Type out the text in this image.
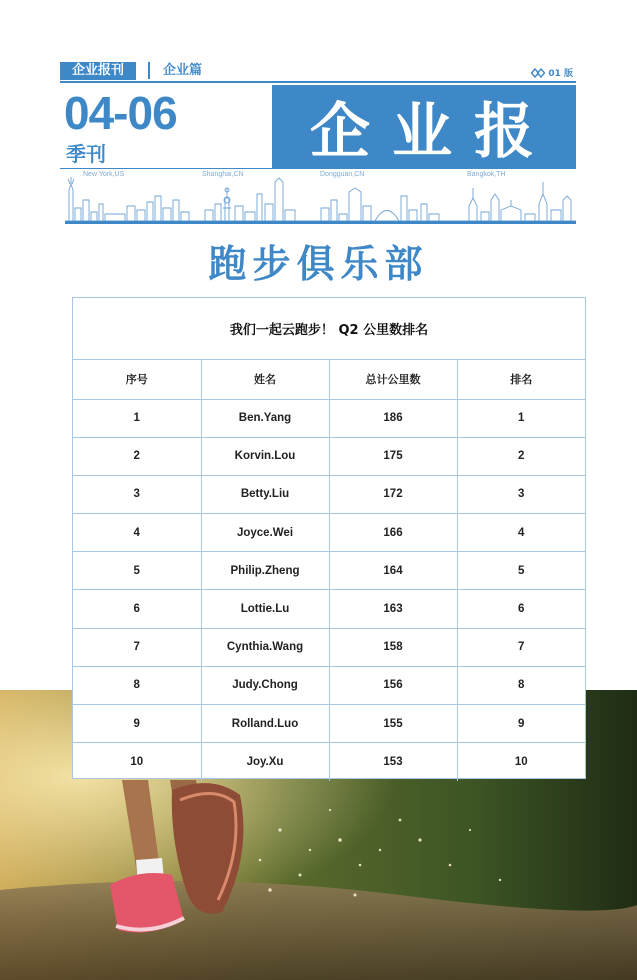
企业报刊	企业篇	01 版
04-06
季刊	企业报
New York,US	Shanghai,CN	Dongguan,CN	Bangkok,TH
跑步俱乐部
我们一起云跑步！ Q2 公里数排名
序号	姓名	总计公里数	排名
1	Ben.Yang	186	1
2	Korvin.Lou	175	2
3	Betty.Liu	172	3
4	Joyce.Wei	166	4
5	Philip.Zheng	164	5
6	Lottie.Lu	163	6
7	Cynthia.Wang	158	7
8	Judy.Chong	156	8
9	Rolland.Luo	155	9
10	Joy.Xu	153	10
